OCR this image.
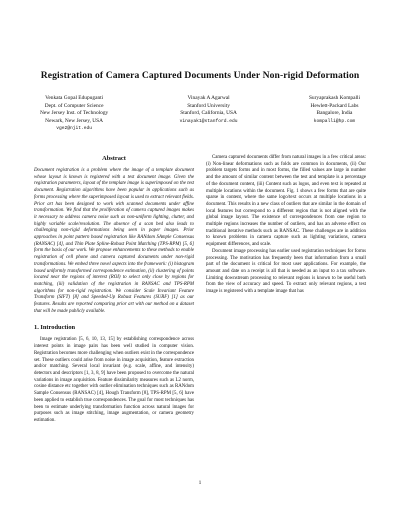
Registration of Camera Captured Documents Under Non-rigid Deformation
Venkata Gopal Edupuganti
Dept. of Computer Science
New Jersey Inst. of Technology
Newark, New Jersey, USA
vge2@njit.edu
Vinayak A Agarwal
Stanford University
Stanford, California, USA
vinayak1@stanford.edu
Suryaprakash Kompalli
Hewlett-Packard Labs
Bangalore, India
kompalli@hp.com
Abstract

Document registration is a problem where the image of a template document whose layout is known is registered with a test document image. Given the registration parameters, layout of the template image is superimposed on the test document. Registration algorithms have been popular in applications such as forms processing where the superimposed layout is used to extract relevant fields. Prior art has been designed to work with scanned documents under affine transformation. We find that the proliferation of camera captured images makes it necessary to address camera noise such as non-uniform lighting, clutter, and highly variable scale/resolution. The absence of a scan bed also leads to challenging non-rigid deformations being seen in paper images. Prior approaches in point pattern based registration like RANdom SAmple Consensus (RANSAC) [4], and Thin Plate Spline-Robust Point Matching (TPS-RPM) [5, 6] form the basis of our work. We propose enhancements to these methods to enable registration of cell phone and camera captured documents under non-rigid transformations. We embed three novel aspects into the framework: (i) histogram based uniformly transformed correspondence estimation, (ii) clustering of points located near the regions of interest (ROI) to select only close by regions for matching, (iii) validation of the registration in RANSAC and TPS-RPM algorithms for non-rigid registration. We consider Scale Invariant Feature Transform (SIFT) [8] and Speeded-Up Robust Features (SURF) [1] as our features. Results are reported comparing prior art with our method on a dataset that will be made publicly available.

1. Introduction

Image registration [5, 6, 10, 13, 15] by establishing correspondence across interest points in image pairs has been well studied in computer vision. Registration becomes more challenging when outliers exist in the correspondence set. These outliers could arise from noise in image acquisition, feature extraction and/or matching. Several local invariant (e.g. scale, affine, and intensity) detectors and descriptors [1, 3, 8, 9] have been proposed to overcome the natural variations in image acquisition. Feature dissimilarity measures such as L2 norm, cosine distance etc together with outlier elimination techniques such as RANdom Sample Consensus (RANSAC) [4], Hough Transform [8], TPS-RPM [5, 6] have been applied to establish true correspondences. The goal for most techniques has been to estimate underlying transformation function across natural images for purposes such as image stitching, image augmentation, or camera geometry estimation.

Camera captured documents differ from natural images in a few critical areas: (i) Non-linear deformations such as folds are common in documents, (ii) Our problem targets forms and in most forms, the filled values are large in number and the amount of similar content between the test and template is a percentage of the document content, (iii) Content such as logos, and even text is repeated at multiple locations within the document. Fig. 1 shows a few forms that are quite sparse in content, where the same logo/text occurs at multiple locations in a document. This results in a new class of outliers that are similar in the domain of local features but correspond to a different region that is not aligned with the global image layout. The existence of correspondences from one region to multiple regions increases the number of outliers, and has an adverse effect on traditional iterative methods such as RANSAC. These challenges are in addition to known problems in camera capture such as lighting variations, camera equipment differences, and scale.

Document image processing has earlier used registration techniques for forms processing. The motivation has frequently been that information from a small part of the document is critical for most user applications. For example, the amount and date on a receipt is all that is needed as an input to a tax software. Limiting downstream processing to relevant regions is known to be useful both from the view of accuracy and speed. To extract only relevant regions, a test image is registered with a template image that has

1
